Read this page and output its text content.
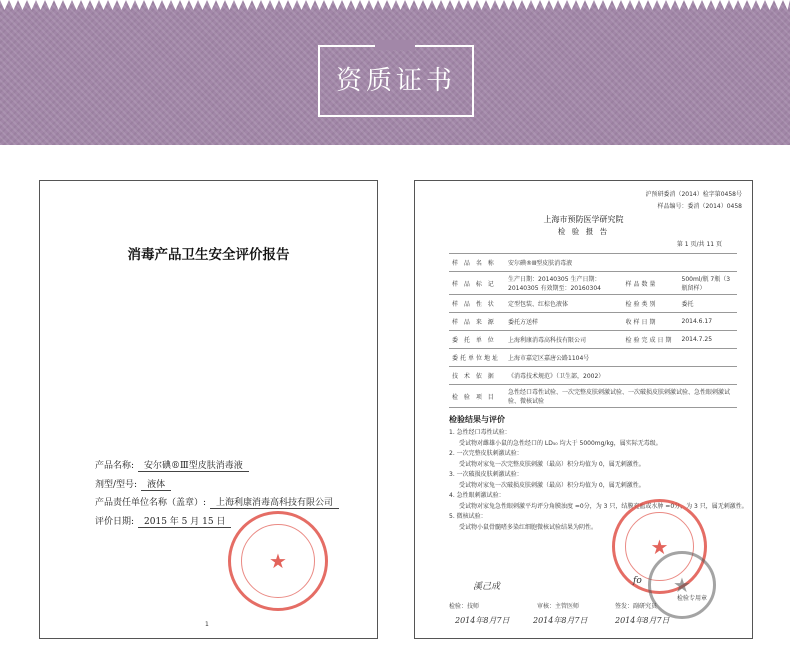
资质证书
消毒产品卫生安全评价报告
产品名称: 安尔碘®Ⅲ型皮肤消毒液
剂型/型号: 液体
产品责任单位名称（盖章）: 上海利康消毒高科技有限公司
评价日期: 2015 年 5 月 15 日
★
1
沪预研委消（2014）检字第0458号
样品编号：委消（2014）0458
上海市预防医学研究院
检 验 报 告
第 1 页/共 11 页
样 品 名 称	安尔碘®Ⅲ型皮肤消毒液		
样 品 标 记	生产日期：20140305 生产日期：20140305 有效期至：20160304	样品数量	500ml/瓶 7瓶（3瓶留样）
样 品 性 状	定型包装、红棕色液体	检验类别	委托
样 品 来 源	委托方送样	收样日期	2014.6.17
委 托 单 位	上海利康消毒高科技有限公司	检验完成日期	2014.7.25
委托单位地址	上海市嘉定区嘉唐公路1104号		
技 术 依 据	《消毒技术规范》（卫生部，2002）		
检 验 项 目	急性经口毒性试验、一次完整皮肤刺激试验、一次破损皮肤刺激试验、急性眼刺激试验、微核试验		
检验结果与评价
1. 急性经口毒性试验：
受试物对雌雄小鼠的急性经口的 LD₅₀ 均大于 5000mg/kg，属实际无毒级。
2. 一次完整皮肤刺激试验：
受试物对家兔一次完整皮肤刺激（最高）积分均值为 0，属无刺激性。
3. 一次破损皮肤刺激试验：
受试物对家兔一次破损皮肤刺激（最高）积分均值为 0，属无刺激性。
4. 急性眼刺激试验：
受试物对家兔急性眼刺激平均评分角膜浊度 =0分，为 3 只，结膜充血或水肿 =0分，为 3 只，属无刺激性。
5. 微核试验：
受试物小鼠骨髓嗜多染红细胞微核试验结果为阴性。
★
★
检验专用章
溪己成
fo
检验：技师	审核：主管医师	签发：副研究员
2014年8月7日	2014年8月7日	2014年8月7日
